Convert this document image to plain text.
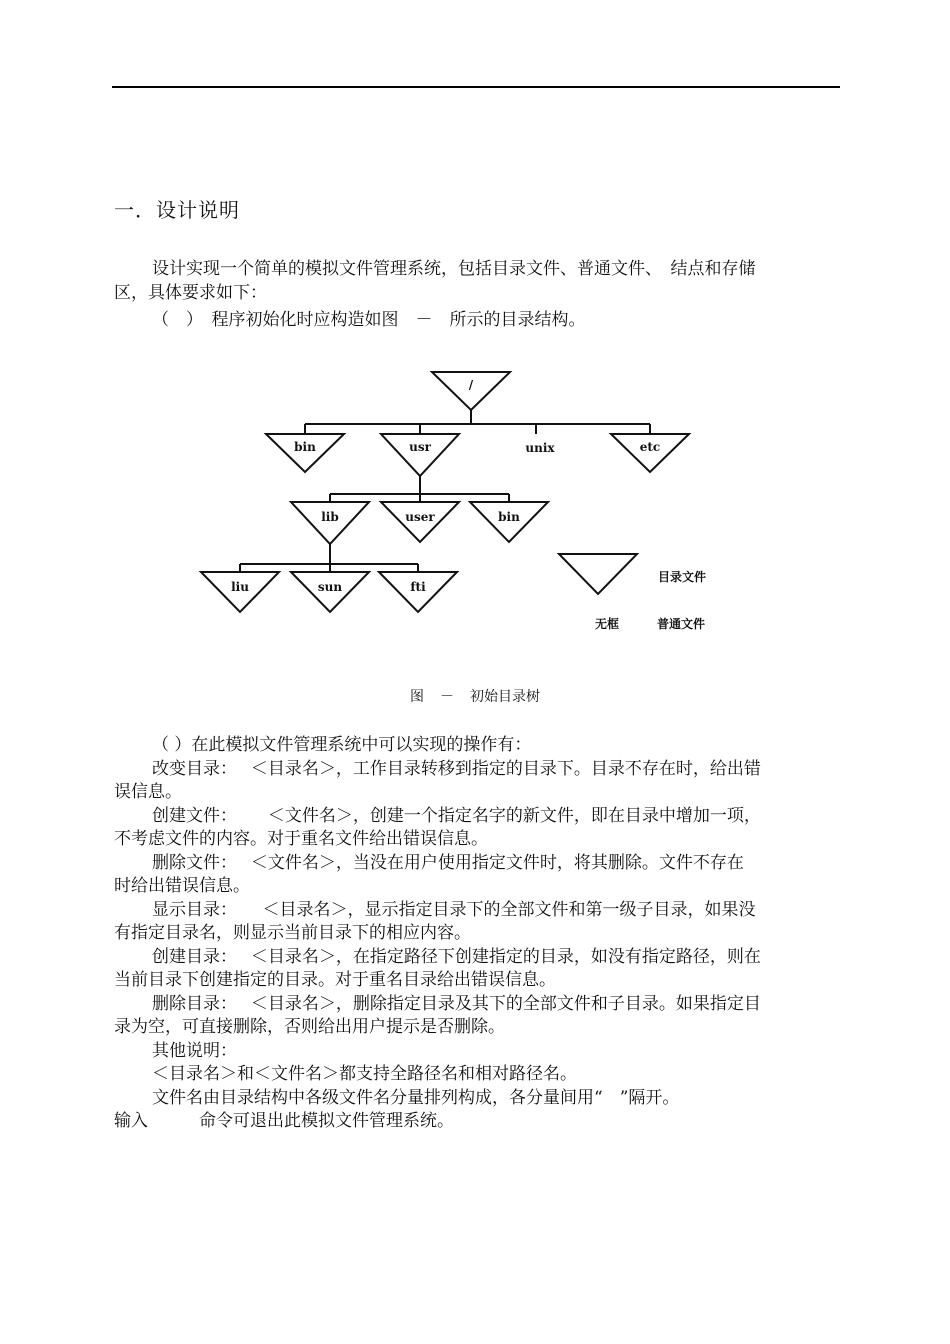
一．设计说明

设计实现一个简单的模拟文件管理系统，包括目录文件、普通文件、　结点和存储
区，具体要求如下：

（　）　程序初始化时应构造如图　－　所示的目录结构。

/
bin	usr	unix	etc
lib	user	bin
liu	sun	fti
目录文件
无框	普通文件
图 － 初始目录树

（ ）在此模拟文件管理系统中可以实现的操作有：
改变目录：　 ＜目录名＞，工作目录转移到指定的目录下。目录不存在时，给出错
误信息。
创建文件：　　 ＜文件名＞，创建一个指定名字的新文件，即在目录中增加一项，
不考虑文件的内容。对于重名文件给出错误信息。
删除文件：　 ＜文件名＞，当没在用户使用指定文件时，将其删除。文件不存在
时给出错误信息。
显示目录：　　＜目录名＞，显示指定目录下的全部文件和第一级子目录，如果没
有指定目录名，则显示当前目录下的相应内容。
创建目录：　 ＜目录名＞，在指定路径下创建指定的目录，如没有指定路径，则在
当前目录下创建指定的目录。对于重名目录给出错误信息。
删除目录：　 ＜目录名＞，删除指定目录及其下的全部文件和子目录。如果指定目
录为空，可直接删除，否则给出用户提示是否删除。
其他说明：
＜目录名＞和＜文件名＞都支持全路径名和相对路径名。
文件名由目录结构中各级文件名分量排列构成，各分量间用“　”隔开。
输入　　　命令可退出此模拟文件管理系统。
